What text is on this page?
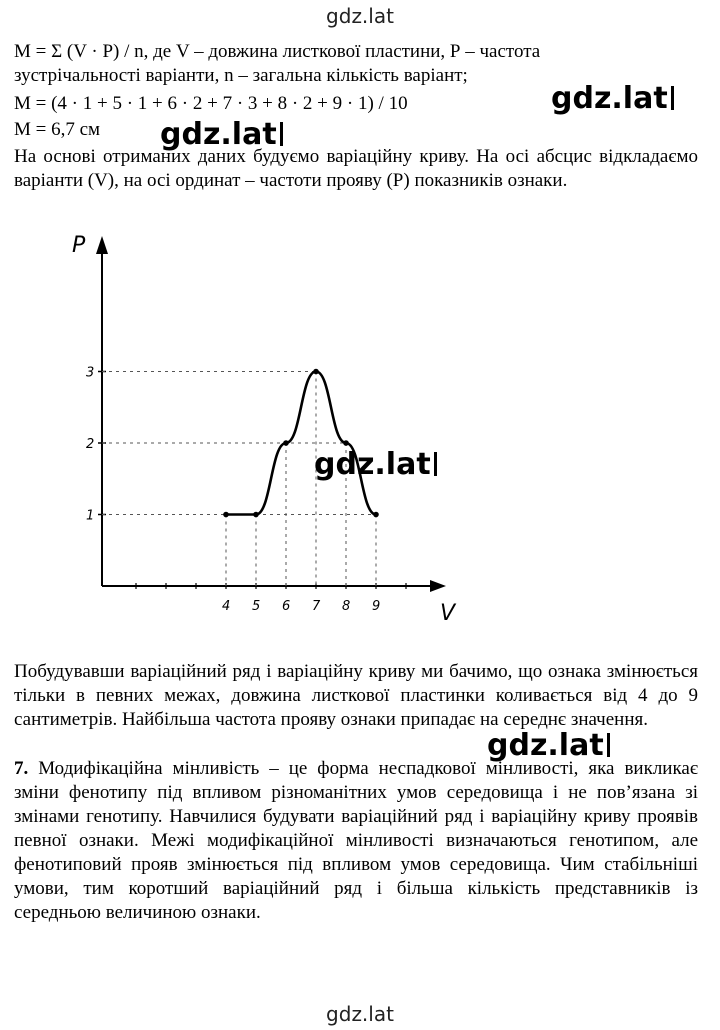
gdz.lat
M = Σ (V · P) / n, де V – довжина листкової пластини, Р – частота
зустрічальності варіанти, n – загальна кількість варіант;
M = (4 · 1 + 5 · 1 + 6 · 2 + 7 · 3 + 8 · 2 + 9 · 1) / 10
M = 6,7 см
На основі отриманих даних будуємо варіаційну криву. На осі абсцис відкладаємо варіанти (V), на осі ординат – частоти прояву (Р) показників ознаки.
V
P
1
2
3
4 5 6 7 8 9
Побудувавши варіаційний ряд і варіаційну криву ми бачимо, що ознака змінюється тільки в певних межах, довжина листкової пластинки коливається від 4 до 9 сантиметрів. Найбільша частота прояву ознаки припадає на середнє значення.
7. Модифікаційна мінливість – це форма неспадкової мінливості, яка викликає зміни фенотипу під впливом різноманітних умов середовища і не пов’язана зі змінами генотипу. Навчилися будувати варіаційний ряд і варіаційну криву проявів певної ознаки. Межі модифікаційної мінливості визначаються генотипом, але фенотиповий прояв змінюється під впливом умов середовища. Чим стабільніші умови, тим коротший варіаційний ряд і більша кількість представників із середньою величиною ознаки.
gdz.lat
gdz.lat
gdz.lat
gdz.lat
gdz.lat
